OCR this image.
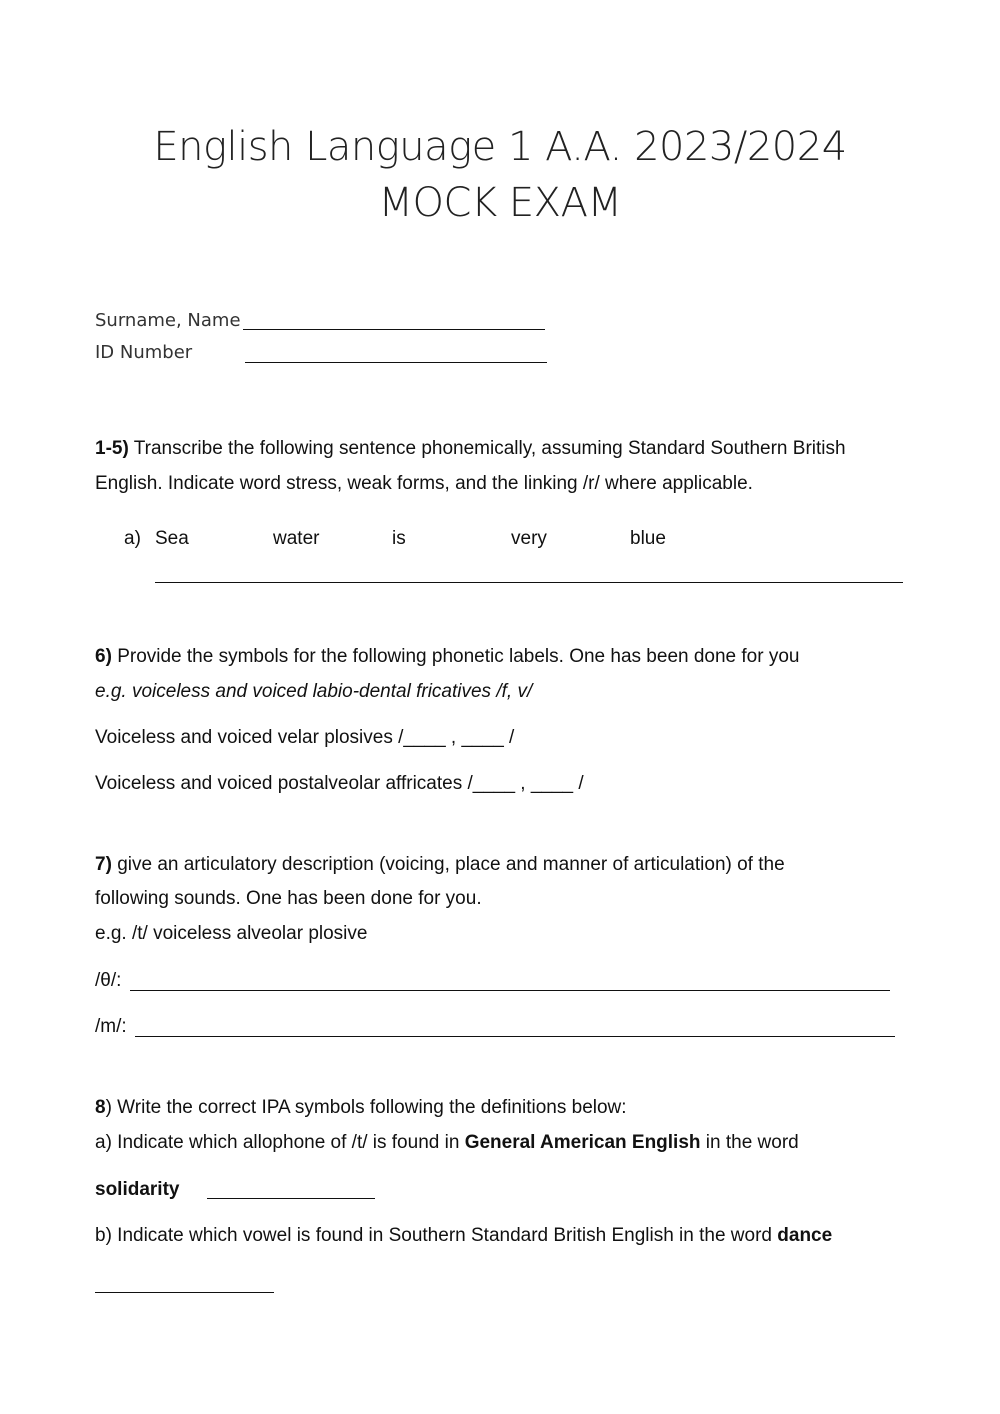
English Language 1 A.A. 2023/2024
MOCK EXAM
Surname, Name
ID Number
1-5) Transcribe the following sentence phonemically, assuming Standard Southern British
English. Indicate word stress, weak forms, and the linking /r/ where applicable.
a) Sea	water	is	very	blue
6) Provide the symbols for the following phonetic labels. One has been done for you
e.g. voiceless and voiced labio-dental fricatives /f, v/
Voiceless and voiced velar plosives /____ , ____ /
Voiceless and voiced postalveolar affricates /____ , ____ /
7) give an articulatory description (voicing, place and manner of articulation) of the
following sounds. One has been done for you.
e.g. /t/ voiceless alveolar plosive
/θ/:
/m/:
8) Write the correct IPA symbols following the definitions below:
a) Indicate which allophone of /t/ is found in General American English in the word
solidarity
b) Indicate which vowel is found in Southern Standard British English in the word dance
